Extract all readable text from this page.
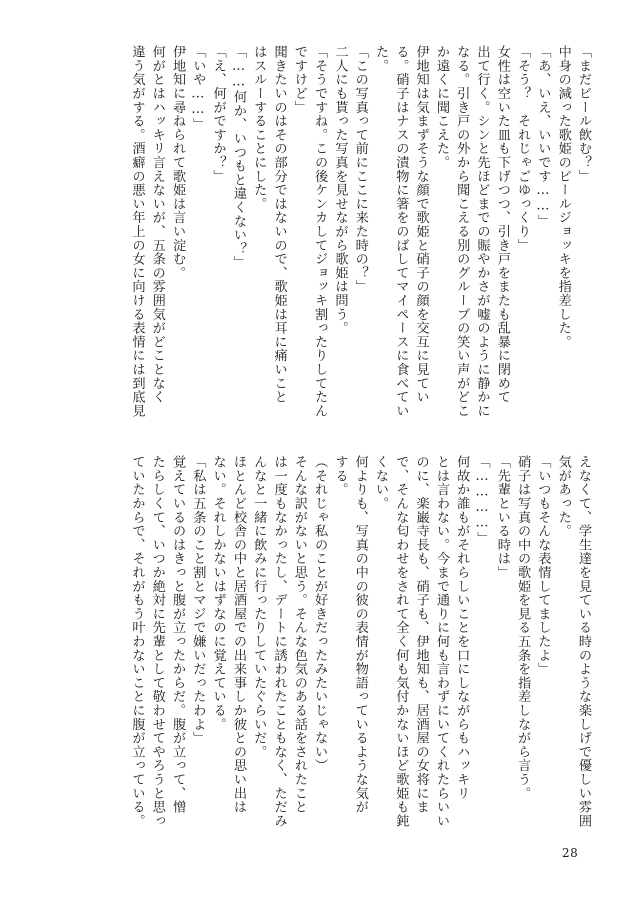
「まだビール飲む？」
中身の減った歌姫のビールジョッキを指差した。
「あ、いえ、いいです……」
「そう？　それじゃごゆっくり」
女性は空いた皿も下げつつ、引き戸をまたも乱暴に閉めて
出て行く。シンと先ほどまでの賑やかさが嘘のように静かに
なる。引き戸の外から聞こえる別のグループの笑い声がどこ
か遠くに聞こえた。
伊地知は気まずそうな顔で歌姫と硝子の顔を交互に見てい
る。硝子はナスの漬物に箸をのばしてマイペースに食べてい
た。
「この写真って前にここに来た時の？」
二人にも貰った写真を見せながら歌姫は問う。
「そうですね。この後ケンカしてジョッキ割ったりしてたん
ですけど」
聞きたいのはその部分ではないので、歌姫は耳に痛いこと
はスルーすることにした。
「……何か、いつもと違くない？」
「え、何がですか？」
「いや……」
伊地知に尋ねられて歌姫は言い淀む。
何がとはハッキリ言えないが、五条の雰囲気がどことなく
違う気がする。酒癖の悪い年上の女に向ける表情には到底見
えなくて、学生達を見ている時のような楽しげで優しい雰囲
気があった。
「いつもそんな表情してましたよ」
硝子は写真の中の歌姫を見る五条を指差しながら言う。
「先輩といる時は」
「…………」
何故か誰もがそれらしいことを口にしながらもハッキリ
とは言わない。今まで通りに何も言わずにいてくれたらいい
のに、楽巌寺長も、硝子も、伊地知も、居酒屋の女将にま
で、そんな匂わせをされて全く何も気付かないほど歌姫も鈍
くない。
何よりも、写真の中の彼の表情が物語っているような気が
する。
（それじゃ私のことが好きだったみたいじゃない）
そんな訳がないと思う。そんな色気のある話をされたこと
は一度もなかったし、デートに誘われたこともなく、ただみ
んなと一緒に飲みに行ったりしていたぐらいだ。
ほとんど校舎の中と居酒屋での出来事しか彼との思い出は
ない。それしかないはずなのに覚えている。
「私は五条のこと割とマジで嫌いだったわよ」
覚えているのはきっと腹が立ったからだ。腹が立って、憎
たらしくて、いつか絶対に先輩として敬わせてやろうと思っ
ていたからで、それがもう叶わないことに腹が立っている。
28
